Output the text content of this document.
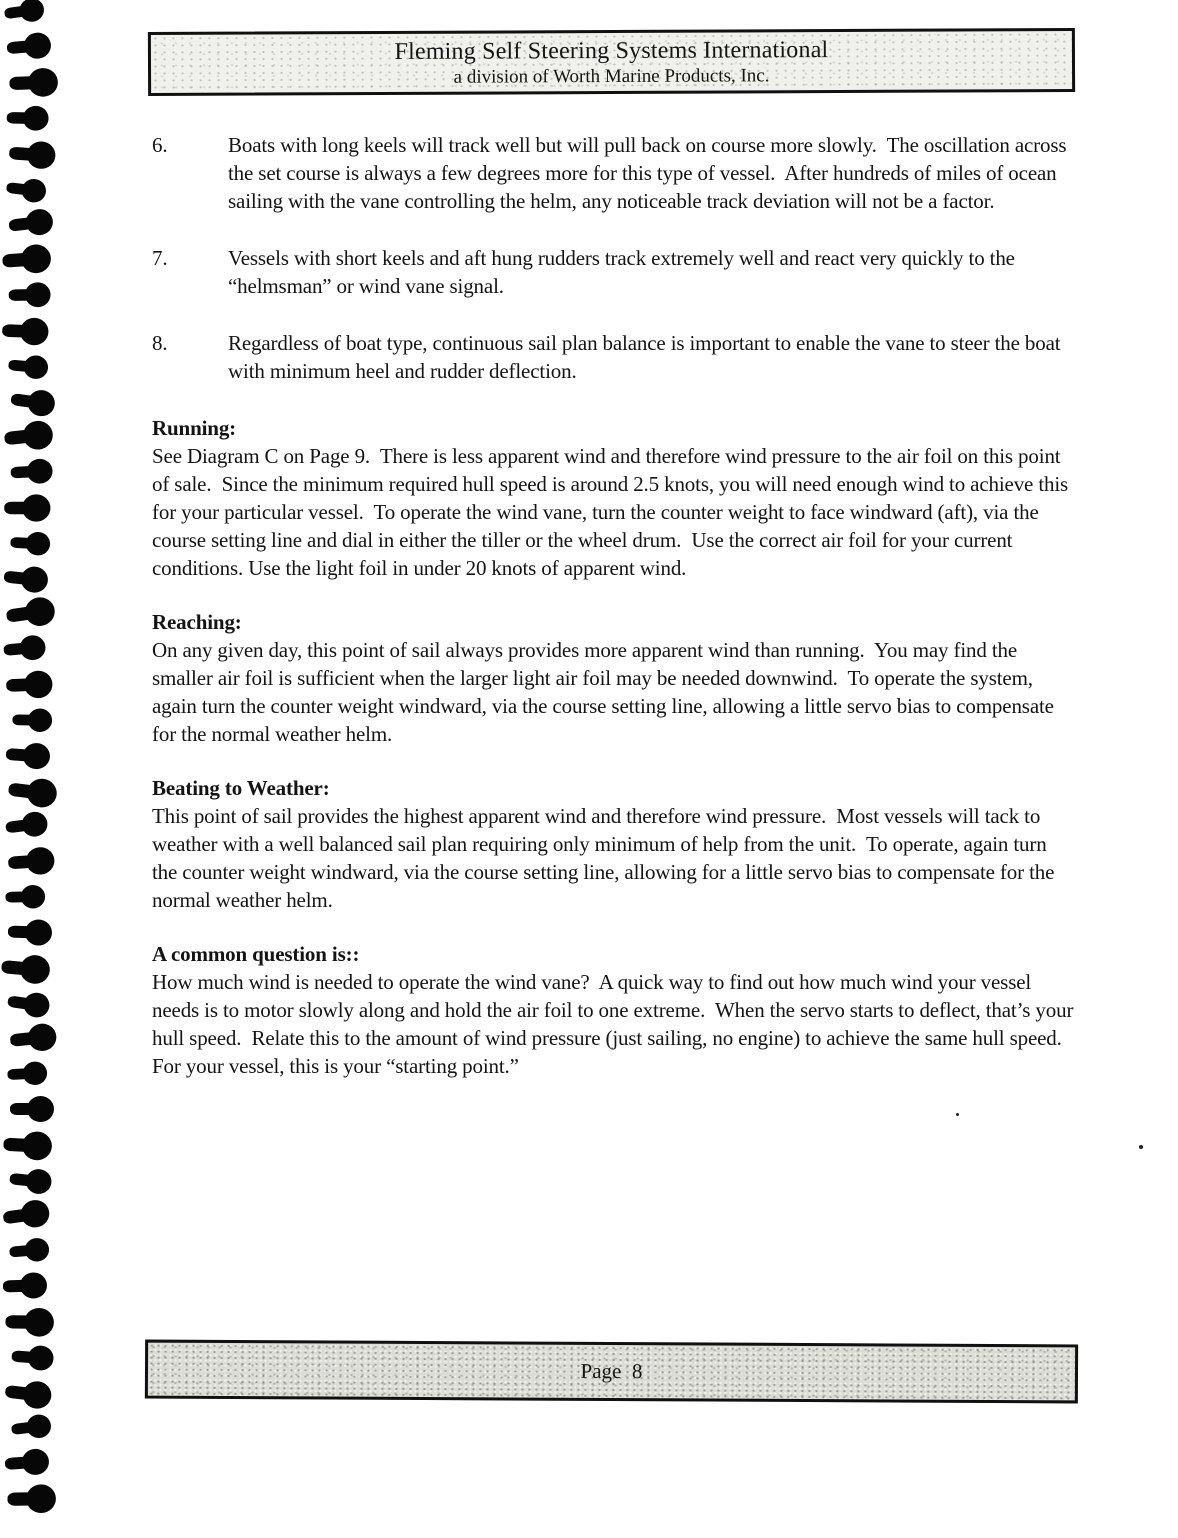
Fleming Self Steering Systems International
a division of Worth Marine Products, Inc.
6.	Boats with long keels will track well but will pull back on course more slowly.  The oscillation across the set course is always a few degrees more for this type of vessel.  After hundreds of miles of ocean sailing with the vane controlling the helm, any noticeable track deviation will not be a factor.
7.	Vessels with short keels and aft hung rudders track extremely well and react very quickly to the “helmsman” or wind vane signal.
8.	Regardless of boat type, continuous sail plan balance is important to enable the vane to steer the boat with minimum heel and rudder deflection.
Running:
See Diagram C on Page 9.  There is less apparent wind and therefore wind pressure to the air foil on this point of sale.  Since the minimum required hull speed is around 2.5 knots, you will need enough wind to achieve this for your particular vessel.  To operate the wind vane, turn the counter weight to face windward (aft), via the course setting line and dial in either the tiller or the wheel drum.  Use the correct air foil for your current conditions. Use the light foil in under 20 knots of apparent wind.
Reaching:
On any given day, this point of sail always provides more apparent wind than running.  You may find the smaller air foil is sufficient when the larger light air foil may be needed downwind.  To operate the system, again turn the counter weight windward, via the course setting line, allowing a little servo bias to compensate for the normal weather helm.
Beating to Weather:
This point of sail provides the highest apparent wind and therefore wind pressure.  Most vessels will tack to weather with a well balanced sail plan requiring only minimum of help from the unit.  To operate, again turn the counter weight windward, via the course setting line, allowing for a little servo bias to compensate for the normal weather helm.
A common question is::
How much wind is needed to operate the wind vane?  A quick way to find out how much wind your vessel needs is to motor slowly along and hold the air foil to one extreme.  When the servo starts to deflect, that’s your hull speed.  Relate this to the amount of wind pressure (just sailing, no engine) to achieve the same hull speed.  For your vessel, this is your “starting point.”
Page  8
